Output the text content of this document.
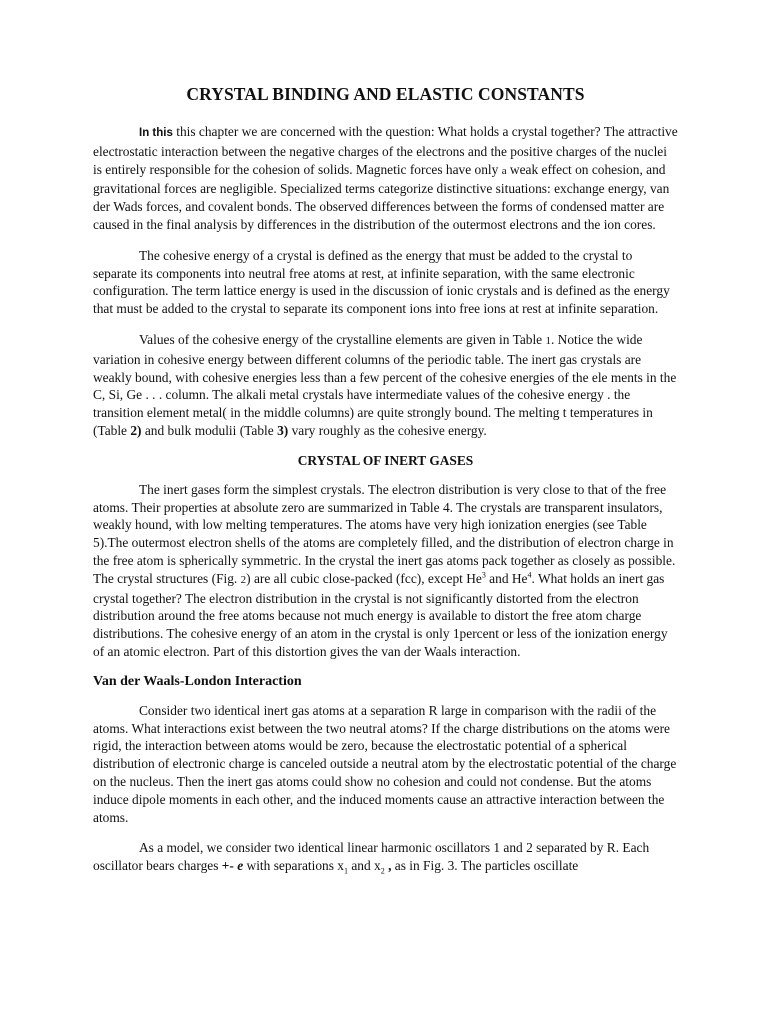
CRYSTAL BINDING AND ELASTIC CONSTANTS

In this this chapter we are concerned with the question: What holds a crystal together? The attractive electrostatic interaction between the negative charges of the electrons and the positive charges of the nuclei is entirely responsible for the cohesion of solids. Magnetic forces have only a weak effect on cohesion, and gravitational forces are negligible. Specialized terms categorize distinctive situations: exchange energy, van der Wads forces, and covalent bonds. The observed differences between the forms of condensed matter are caused in the final analysis by differences in the distribution of the outermost electrons and the ion cores.

The cohesive energy of a crystal is defined as the energy that must be added to the crystal to separate its components into neutral free atoms at rest, at infinite separation, with the same electronic configuration. The term lattice energy is used in the discussion of ionic crystals and is defined as the energy that must be added to the crystal to separate its component ions into free ions at rest at infinite separation.

Values of the cohesive energy of the crystalline elements are given in Table 1. Notice the wide variation in cohesive energy between different columns of the periodic table. The inert gas crystals are weakly bound, with cohesive energies less than a few percent of the cohesive energies of the ele ments in the C, Si, Ge . . . column. The alkali metal crystals have intermediate values of the cohesive energy . the transition element metal( in the middle columns) are quite strongly bound. The melting t temperatures in (Table 2) and bulk modulii (Table 3) vary roughly as the cohesive energy.

CRYSTAL OF INERT GASES

The inert gases form the simplest crystals. The electron distribution is very close to that of the free atoms. Their properties at absolute zero are summarized in Table 4. The crystals are transparent insulators, weakly hound, with low melting temperatures. The atoms have very high ionization energies (see Table 5).The outermost electron shells of the atoms are completely filled, and the distribution of electron charge in the free atom is spherically symmetric. In the crystal the inert gas atoms pack together as closely as possible. The crystal structures (Fig. 2) are all cubic close-packed (fcc), except He$^3$ and He$^4$. What holds an inert gas crystal together? The electron distribution in the crystal is not significantly distorted from the electron distribution around the free atoms because not much energy is available to distort the free atom charge distributions. The cohesive energy of an atom in the crystal is only 1percent or less of the ionization energy of an atomic electron. Part of this distortion gives the van der Waals interaction.

Van der Waals-London Interaction

Consider two identical inert gas atoms at a separation R large in comparison with the radii of the atoms. What interactions exist between the two neutral atoms? If the charge distributions on the atoms were rigid, the interaction between atoms would be zero, because the electrostatic potential of a spherical distribution of electronic charge is canceled outside a neutral atom by the electrostatic potential of the charge on the nucleus. Then the inert gas atoms could show no cohesion and could not condense. But the atoms induce dipole moments in each other, and the induced moments cause an attractive interaction between the atoms.

As a model, we consider two identical linear harmonic oscillators 1 and 2 separated by R. Each oscillator bears charges +- e with separations $x_1$ and $x_2$ , as in Fig. 3. The particles oscillate
